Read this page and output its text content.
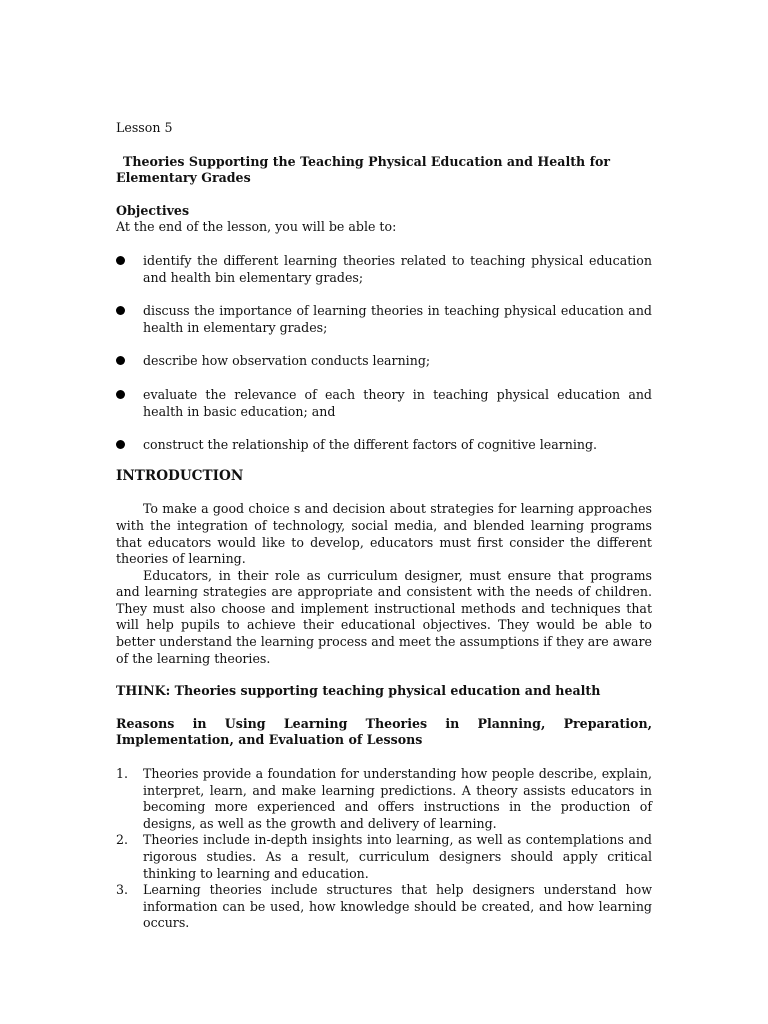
Lesson 5

Theories Supporting the Teaching Physical Education and Health for Elementary Grades

Objectives

At the end of the lesson, you will be able to:

identify the different learning theories related to teaching physical education and health bin elementary grades;
discuss the importance of learning theories in teaching physical education and health in elementary grades;
describe how observation conducts learning;
evaluate the relevance of each theory in teaching physical education and health in basic education; and
construct the relationship of the different factors of cognitive learning.

INTRODUCTION

To make a good choice s and decision about strategies for learning approaches with the integration of technology, social media, and blended learning programs that educators would like to develop, educators must first consider the different theories of learning.

Educators, in their role as curriculum designer, must ensure that programs and learning strategies are appropriate and consistent with the needs of children. They must also choose and implement instructional methods and techniques that will help pupils to achieve their educational objectives. They would be able to better understand the learning process and meet the assumptions if they are aware of the learning theories.

THINK: Theories supporting teaching physical education and health

Reasons in Using Learning Theories in Planning, Preparation, Implementation, and Evaluation of Lessons

1. Theories provide a foundation for understanding how people describe, explain, interpret, learn, and make learning predictions. A theory assists educators in becoming more experienced and offers instructions in the production of designs, as well as the growth and delivery of learning.
2. Theories include in-depth insights into learning, as well as contemplations and rigorous studies. As a result, curriculum designers should apply critical thinking to learning and education.
3. Learning theories include structures that help designers understand how information can be used, how knowledge should be created, and how learning occurs.
